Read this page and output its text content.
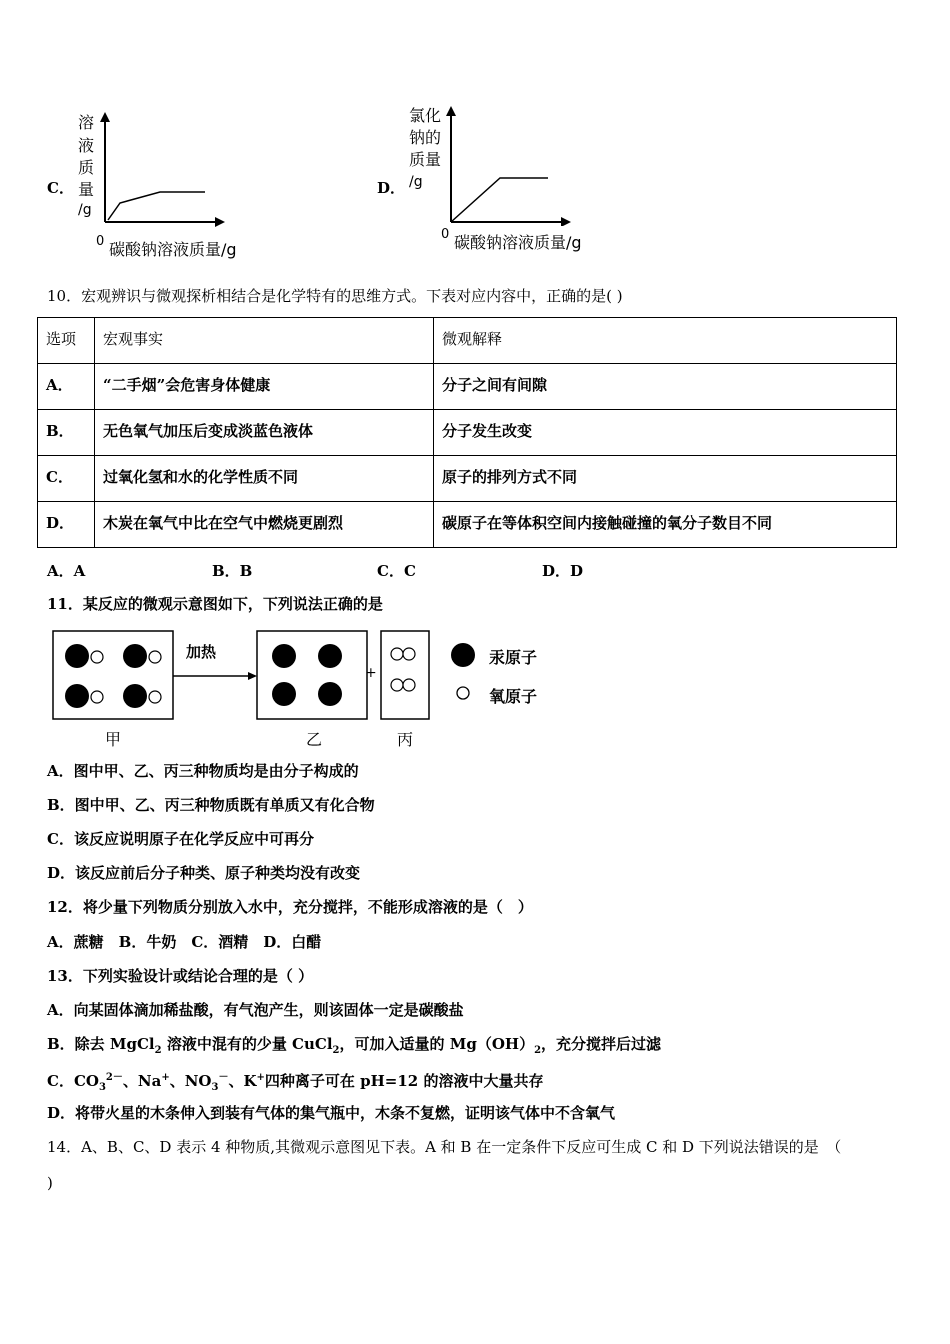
C．
溶
液
质
量
/g
0 碳酸钠溶液质量/g
D．
氯化
钠的
质量
/g
0 碳酸钠溶液质量/g
10．宏观辨识与微观探析相结合是化学特有的思维方式。下表对应内容中，正确的是( )
选项	宏观事实	微观解释
A．	“二手烟”会危害身体健康	分子之间有间隙
B．	无色氧气加压后变成淡蓝色液体	分子发生改变
C．	过氧化氢和水的化学性质不同	原子的排列方式不同
D．	木炭在氧气中比在空气中燃烧更剧烈	碳原子在等体积空间内接触碰撞的氧分子数目不同
A．A	B．B	C．C	D．D
11．某反应的微观示意图如下，下列说法正确的是
加热
+
甲	乙	丙
汞原子
氧原子
A．图中甲、乙、丙三种物质均是由分子构成的
B．图中甲、乙、丙三种物质既有单质又有化合物
C．该反应说明原子在化学反应中可再分
D．该反应前后分子种类、原子种类均没有改变
12．将少量下列物质分别放入水中，充分搅拌，不能形成溶液的是（　）
A．蔗糖　B．牛奶　C．酒精　D．白醋
13．下列实验设计或结论合理的是（ ）
A．向某固体滴加稀盐酸，有气泡产生，则该固体一定是碳酸盐
B．除去 MgCl$_2$ 溶液中混有的少量 CuCl$_2$，可加入适量的 $Mg(OH)_2$，充分搅拌后过滤
C．$CO_3^{2-}$、Na+、$NO_3^-$、K+四种离子可在 pH=12 的溶液中大量共存
D．将带火星的木条伸入到装有气体的集气瓶中，木条不复燃，证明该气体中不含氧气
14．A、B、C、D 表示 4 种物质,其微观示意图见下表。A 和 B 在一定条件下反应可生成 C 和 D 下列说法错误的是　（
)
